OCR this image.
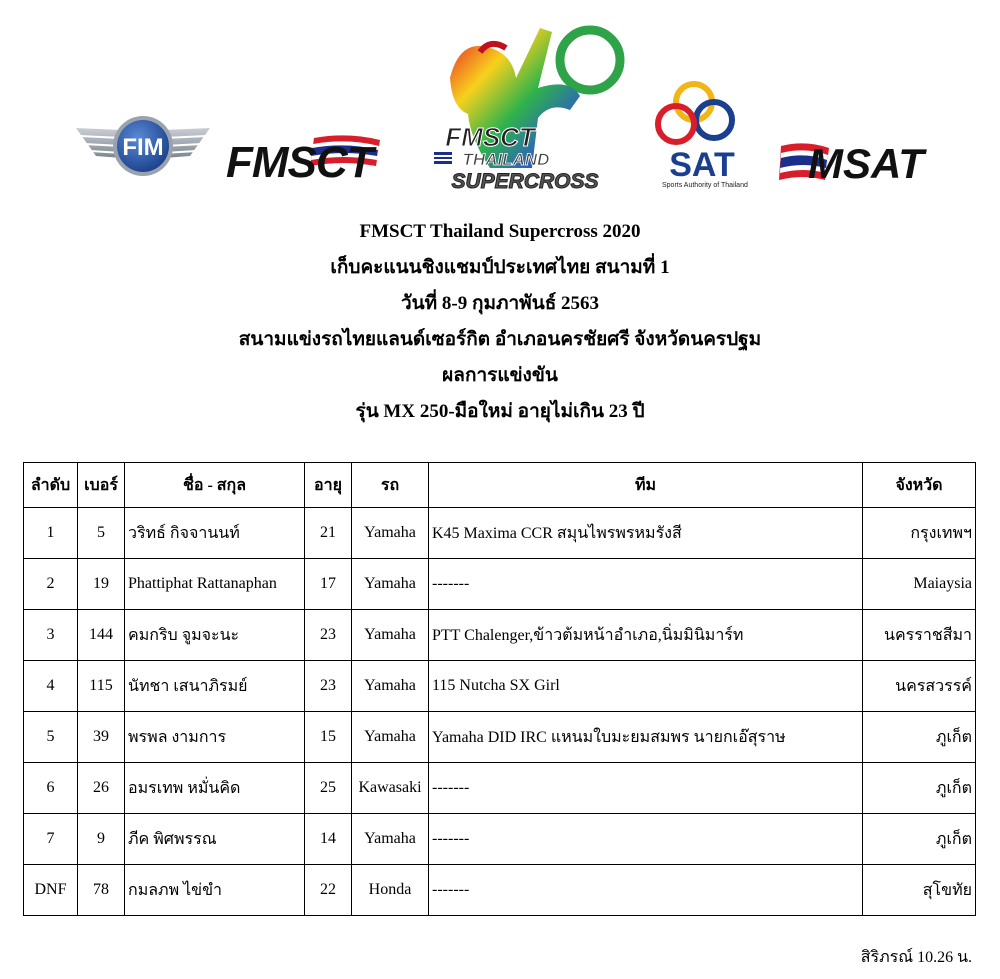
FIM FMSCT
FMSCT
THAILAND
SUPERCROSS SAT
Sports Authority of Thailand MSAT
FMSCT Thailand Supercross 2020
เก็บคะแนนชิงแชมป์ประเทศไทย สนามที่ 1
วันที่ 8-9 กุมภาพันธ์ 2563
สนามแข่งรถไทยแลนด์เซอร์กิต อำเภอนครชัยศรี จังหวัดนครปฐม
ผลการแข่งขัน
รุ่น MX 250-มือใหม่ อายุไม่เกิน 23 ปี
ลำดับ	เบอร์	ชื่อ - สกุล	อายุ	รถ	ทีม	จังหวัด
1	5	วริทธ์ กิจจานนท์	21	Yamaha	K45 Maxima CCR สมุนไพรพรหมรังสี	กรุงเทพฯ
2	19	Phattiphat Rattanaphan	17	Yamaha	-------	Maiaysia
3	144	คมกริบ จูมจะนะ	23	Yamaha	PTT Chalenger,ข้าวต้มหน้าอำเภอ,นิ่มมินิมาร์ท	นครราชสีมา
4	115	นัทชา เสนาภิรมย์	23	Yamaha	115 Nutcha SX Girl	นครสวรรค์
5	39	พรพล งามการ	15	Yamaha	Yamaha DID IRC แหนมใบมะยมสมพร นายกเอ๊สุราษ	ภูเก็ต
6	26	อมรเทพ หมั่นคิด	25	Kawasaki	-------	ภูเก็ต
7	9	ภีค พิศพรรณ	14	Yamaha	-------	ภูเก็ต
DNF	78	กมลภพ ไข่ขำ	22	Honda	-------	สุโขทัย
สิริภรณ์ 10.26 น.
